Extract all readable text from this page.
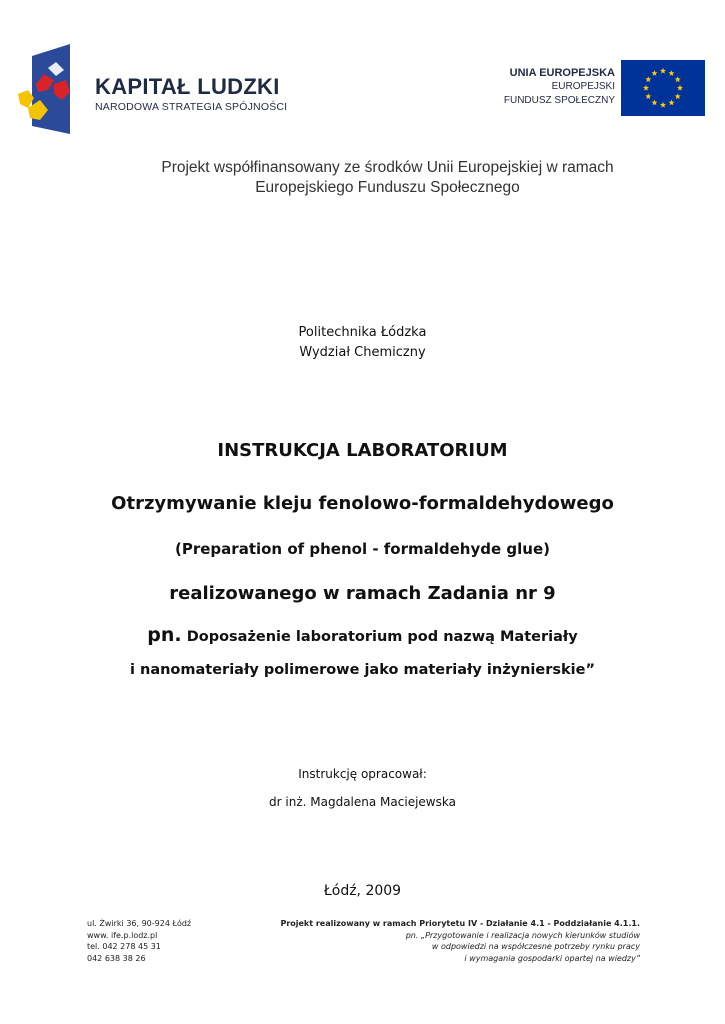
KAPITAŁ LUDZKI
NARODOWA STRATEGIA SPÓJNOŚCI
UNIA EUROPEJSKA
EUROPEJSKI
FUNDUSZ SPOŁECZNY
Projekt współfinansowany ze środków Unii Europejskiej w ramach
Europejskiego Funduszu Społecznego
Politechnika Łódzka
Wydział Chemiczny
INSTRUKCJA LABORATORIUM
Otrzymywanie kleju fenolowo-formaldehydowego
(Preparation of phenol - formaldehyde glue)
realizowanego w ramach Zadania nr 9
pn. Doposażenie laboratorium pod nazwą Materiały
i nanomateriały polimerowe jako materiały inżynierskie”
Instrukcję opracował:
dr inż. Magdalena Maciejewska
Łódź, 2009
ul. Żwirki 36, 90-924 Łódź
www. ife.p.lodz.pl
tel. 042 278 45 31
042 638 38 26
Projekt realizowany w ramach Priorytetu IV - Działanie 4.1 - Poddziałanie 4.1.1.
pn. „Przygotowanie i realizacja nowych kierunków studiów
w odpowiedzi na współczesne potrzeby rynku pracy
i wymagania gospodarki opartej na wiedzy”
